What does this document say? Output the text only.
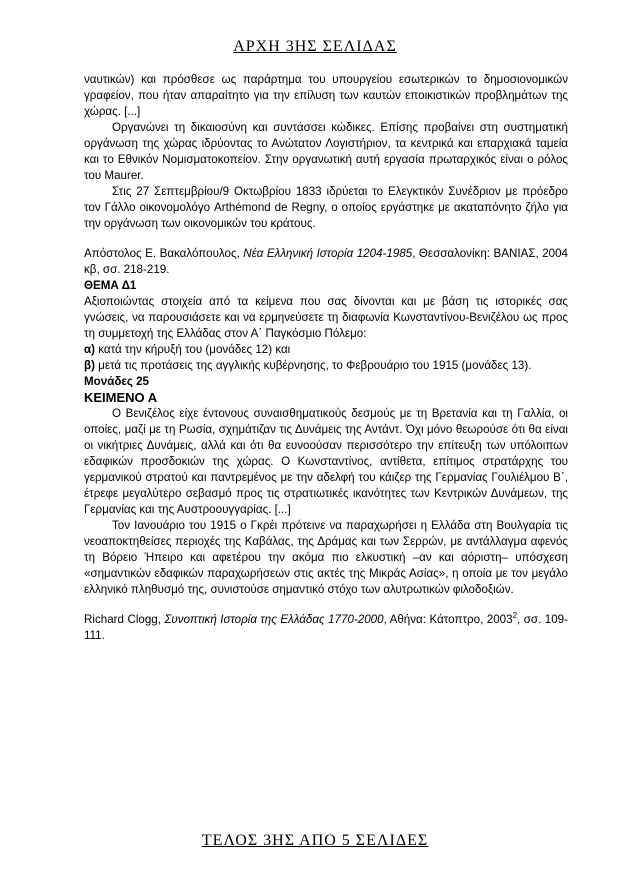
ΑΡΧΗ 3ΗΣ ΣΕΛΙΔΑΣ

ναυτικών) και πρόσθεσε ως παράρτημα του υπουργείου εσωτερικών το δημοσιονομικών γραφείον, που ήταν απαραίτητο για την επίλυση των καυτών εποικιστικών προβλημάτων της χώρας. [...]

Οργανώνει τη δικαιοσύνη και συντάσσει κώδικες. Επίσης προβαίνει στη συστηματική οργάνωση της χώρας ιδρύοντας το Ανώτατον Λογιστήριον, τα κεντρικά και επαρχιακά ταμεία και το Εθνικόν Νομισματοκοπείον. Στην οργανωτική αυτή εργασία πρωταρχικός είναι ο ρόλος του Maurer.

Στις 27 Σεπτεμβρίου/9 Οκτωβρίου 1833 ιδρύεται το Ελεγκτικόν Συνέδριον με πρόεδρο τον Γάλλο οικονομολόγο Arthémond de Regny, ο οποίος εργάστηκε με ακαταπόνητο ζήλο για την οργάνωση των οικονομικών του κράτους.

Απόστολος Ε. Βακαλόπουλος, Νέα Ελληνική Ιστορία 1204-1985, Θεσσαλονίκη: ΒΑΝΙΑΣ, 2004 κβ, σσ. 218-219.

ΘΕΜΑ Δ1

Αξιοποιώντας στοιχεία από τα κείμενα που σας δίνονται και με βάση τις ιστορικές σας γνώσεις, να παρουσιάσετε και να ερμηνεύσετε τη διαφωνία Κωνσταντίνου-Βενιζέλου ως προς τη συμμετοχή της Ελλάδας στον Α΄ Παγκόσμιο Πόλεμο:

α) κατά την κήρυξή του (μονάδες 12) και

β) μετά τις προτάσεις της αγγλικής κυβέρνησης, το Φεβρουάριο του 1915 (μονάδες 13).

Μονάδες 25

ΚΕΙΜΕΝΟ Α

Ο Βενιζέλος είχε έντονους συναισθηματικούς δεσμούς με τη Βρετανία και τη Γαλλία, οι οποίες, μαζί με τη Ρωσία, σχημάτιζαν τις Δυνάμεις της Αντάντ. Όχι μόνο θεωρούσε ότι θα είναι οι νικήτριες Δυνάμεις, αλλά και ότι θα ευνοούσαν περισσότερο την επίτευξη των υπόλοιπων εδαφικών προσδοκιών της χώρας. Ο Κωνσταντίνος, αντίθετα, επίτιμος στρατάρχης του γερμανικού στρατού και παντρεμένος με την αδελφή του κάιζερ της Γερμανίας Γουλιέλμου Β΄, έτρεφε μεγαλύτερο σεβασμό προς τις στρατιωτικές ικανότητες των Κεντρικών Δυνάμεων, της Γερμανίας και της Αυστροουγγαρίας. [...]

Τον Ιανουάριο του 1915 ο Γκρέι πρότεινε να παραχωρήσει η Ελλάδα στη Βουλγαρία τις νεοαποκτηθείσες περιοχές της Καβάλας, της Δράμας και των Σερρών, με αντάλλαγμα αφενός τη Βόρειο Ήπειρο και αφετέρου την ακόμα πιο ελκυστική –αν και αόριστη– υπόσχεση «σημαντικών εδαφικών παραχωρήσεων στις ακτές της Μικράς Ασίας», η οποία με τον μεγάλο ελληνικό πληθυσμό της, συνιστούσε σημαντικό στόχο των αλυτρωτικών φιλοδοξιών.

Richard Clogg, Συνοπτική Ιστορία της Ελλάδας 1770-2000, Αθήνα: Κάτοπτρο, 2003$^2$, σσ. 109-111.

ΤΕΛΟΣ 3ΗΣ ΑΠΟ 5 ΣΕΛΙΔΕΣ
